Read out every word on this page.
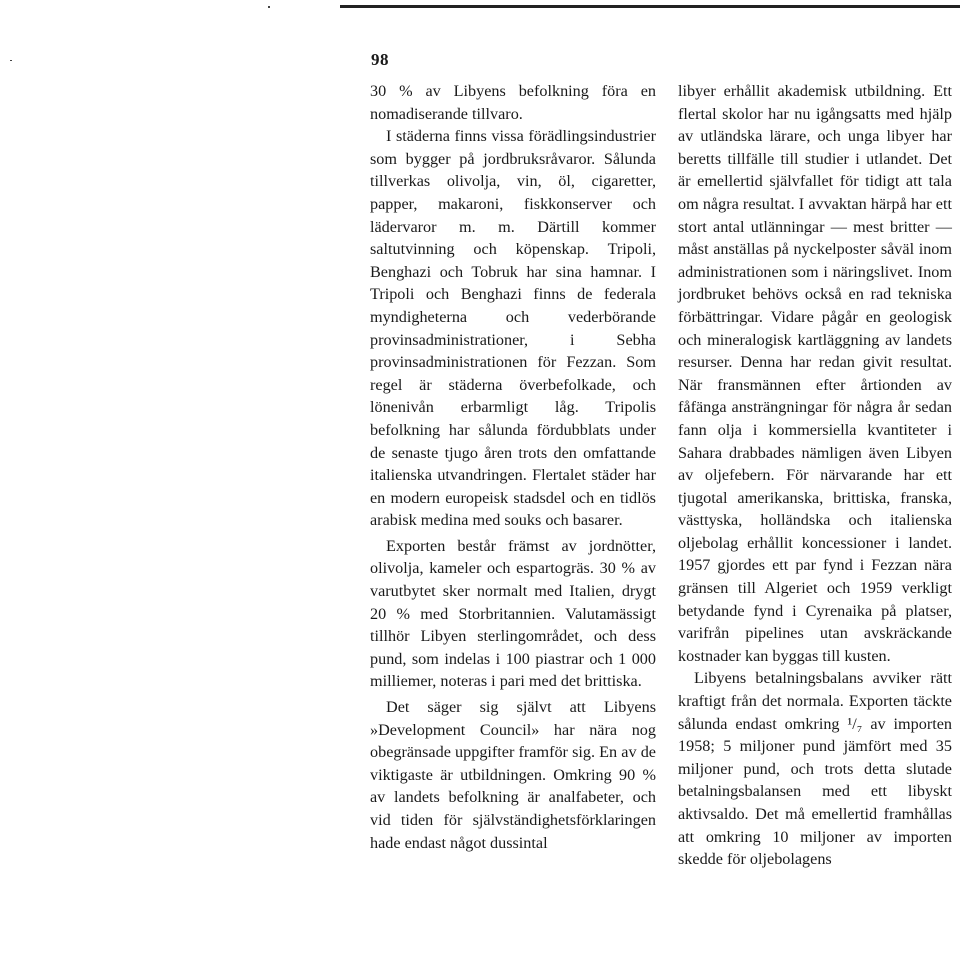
98

30 % av Libyens befolkning föra en nomadiserande tillvaro.

I städerna finns vissa förädlingsindustrier som bygger på jordbruksråvaror. Sålunda tillverkas olivolja, vin, öl, cigaretter, papper, makaroni, fiskkonserver och lädervaror m. m. Därtill kommer saltutvinning och köpenskap. Tripoli, Benghazi och Tobruk har sina hamnar. I Tripoli och Benghazi finns de federala myndigheterna och vederbörande provinsadministrationer, i Sebha provinsadministrationen för Fezzan. Som regel är städerna överbefolkade, och lönenivån erbarmligt låg. Tripolis befolkning har sålunda fördubblats under de senaste tjugo åren trots den omfattande italienska utvandringen. Flertalet städer har en modern europeisk stadsdel och en tidlös arabisk medina med souks och basarer.

Exporten består främst av jordnötter, olivolja, kameler och espartogräs. 30 % av varutbytet sker normalt med Italien, drygt 20 % med Storbritannien. Valutamässigt tillhör Libyen sterlingområdet, och dess pund, som indelas i 100 piastrar och 1 000 milliemer, noteras i pari med det brittiska.

Det säger sig självt att Libyens »Development Council» har nära nog obegränsade uppgifter framför sig. En av de viktigaste är utbildningen. Omkring 90 % av landets befolkning är analfabeter, och vid tiden för självständighetsförklaringen hade endast något dussintal

libyer erhållit akademisk utbildning. Ett flertal skolor har nu igångsatts med hjälp av utländska lärare, och unga libyer har beretts tillfälle till studier i utlandet. Det är emellertid självfallet för tidigt att tala om några resultat. I avvaktan härpå har ett stort antal utlänningar — mest britter — måst anställas på nyckelposter såväl inom administrationen som i näringslivet. Inom jordbruket behövs också en rad tekniska förbättringar. Vidare pågår en geologisk och mineralogisk kartläggning av landets resurser. Denna har redan givit resultat. När fransmännen efter årtionden av fåfänga ansträngningar för några år sedan fann olja i kommersiella kvantiteter i Sahara drabbades nämligen även Libyen av oljefebern. För närvarande har ett tjugotal amerikanska, brittiska, franska, västtyska, holländska och italienska oljebolag erhållit koncessioner i landet. 1957 gjordes ett par fynd i Fezzan nära gränsen till Algeriet och 1959 verkligt betydande fynd i Cyrenaika på platser, varifrån pipelines utan avskräckande kostnader kan byggas till kusten.

Libyens betalningsbalans avviker rätt kraftigt från det normala. Exporten täckte sålunda endast omkring ¹/₇ av importen 1958; 5 miljoner pund jämfört med 35 miljoner pund, och trots detta slutade betalningsbalansen med ett libyskt aktivsaldo. Det må emellertid framhållas att omkring 10 miljoner av importen skedde för oljebolagens
